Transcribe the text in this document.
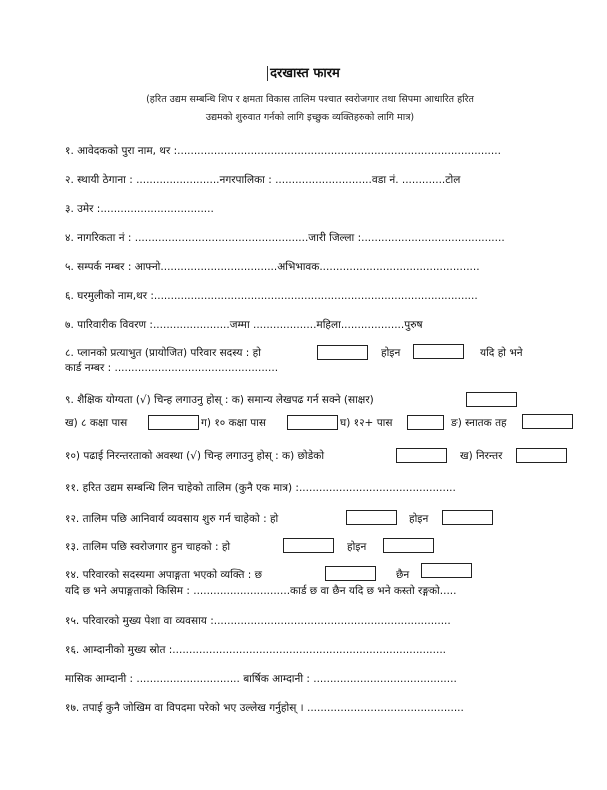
दरखास्त फारम
(हरित उद्यम सम्बन्धि शिप र क्षमता विकास तालिम पश्चात स्वरोजगार तथा सिपमा आधारित हरित
उद्यमको शुरुवात गर्नको लागि इच्छुक व्यक्तिहरुको लागि मात्र)
१. आवेदकको पुरा नाम, थर :.................................................................................................
२. स्थायी ठेगाना : .........................नगरपालिका : .............................वडा नं. .............टोल
३. उमेर :..................................
४. नागरिकता नं : ....................................................जारी जिल्ला :...........................................
५. सम्पर्क नम्बर : आफ्नो...................................अभिभावक................................................
६. घरमुलीको नाम,थर :.................................................................................................
७. पारिवारीक विवरण :.......................जम्मा ...................महिला...................पुरुष
८. प्लानको प्रत्याभुत (प्रायोजित) परिवार सदस्य : हो	होइन	यदि हो भने
कार्ड नम्बर : .................................................
९. शैक्षिक योग्यता (√) चिन्ह लगाउनु होस् : क) समान्य लेखपढ गर्न सक्ने (साक्षर)
ख) ८ कक्षा पास	ग) १० कक्षा पास	घ) १२+ पास	ङ) स्नातक तह
१०) पढाई निरन्तरताको अवस्था (√) चिन्ह लगाउनु होस् : क) छोडेको	ख) निरन्तर
११. हरित उद्यम सम्बन्धि लिन चाहेको तालिम (कुनै एक मात्र) :...............................................
१२. तालिम पछि आनिवार्य व्यवसाय शुरु गर्न चाहेको : हो	होइन
१३. तालिम पछि स्वरोजगार हुन चाहको : हो	होइन
१४. परिवारको सदस्यमा अपाङ्गता भएको व्यक्ति : छ	छैन
यदि छ भने अपाङ्गताको किसिम : .............................कार्ड छ वा छैन यदि छ भने कस्तो रङ्गको.....
१५. परिवारको मुख्य पेशा वा व्यवसाय :.......................................................................
१६. आम्दानीको मुख्य स्रोत :..................................................................................
मासिक आम्दानी : ............................... बार्षिक आम्दानी : ...........................................
१७. तपाई कुनै जोखिम वा विपदमा परेको भए उल्लेख गर्नुहोस् । ...............................................
